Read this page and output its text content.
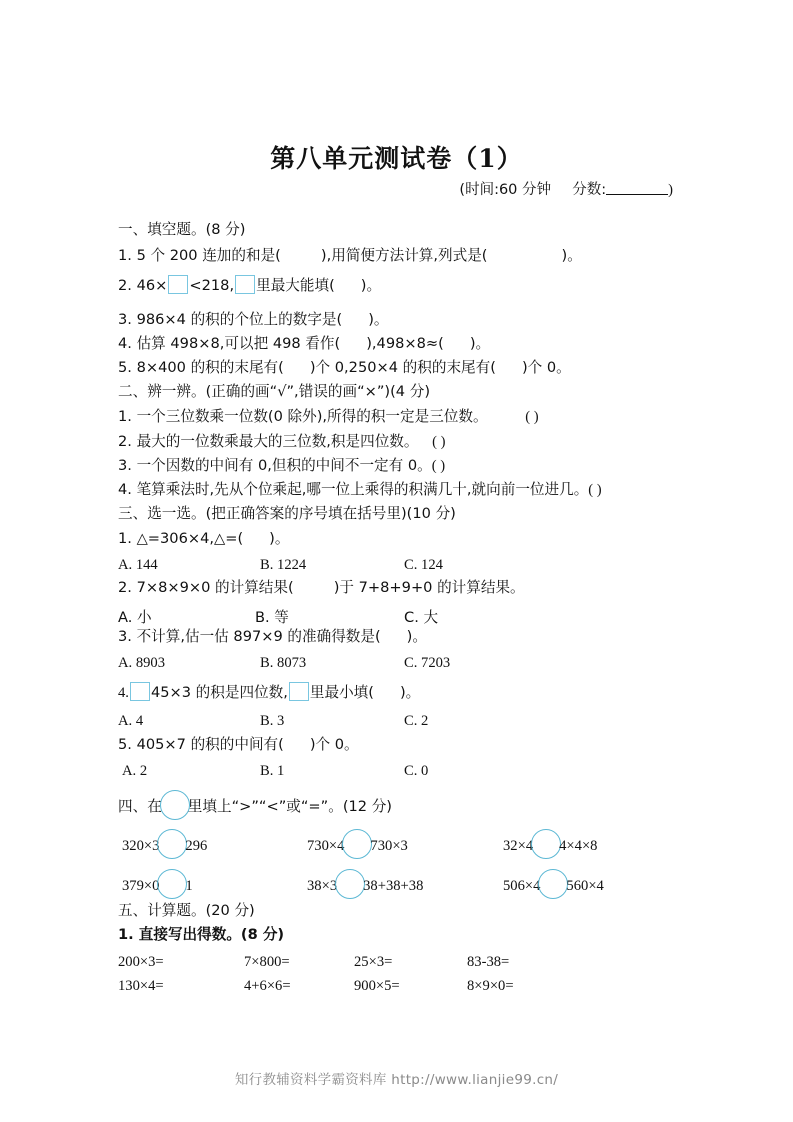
第八单元测试卷（1）
(时间:60 分钟 分数:	)
一、填空题。(8 分)
1. 5 个 200 连加的和是(	),用简便方法计算,列式是(	)。
2. 46× <218, 里最大能填( )。
3. 986×4 的积的个位上的数字是( )。
4. 估算 498×8,可以把 498 看作( ),498×8≈( )。
5. 8×400 的积的末尾有( )个 0,250×4 的积的末尾有( )个 0。
二、辨一辨。(正确的画“√”,错误的画“×”)(4 分)
1. 一个三位数乘一位数(0 除外),所得的积一定是三位数。	( )
2. 最大的一位数乘最大的三位数,积是四位数。 ( )
3. 一个因数的中间有 0,但积的中间不一定有 0。( )
4. 笔算乘法时,先从个位乘起,哪一位上乘得的积满几十,就向前一位进几。( )
三、选一选。(把正确答案的序号填在括号里)(10 分)
1. △=306×4,△=( )。
A. 144	B. 1224	C. 124
2. 7×8×9×0 的计算结果(	)于 7+8+9+0 的计算结果。
A. 小	B. 等	C. 大
3. 不计算,估一估 897×9 的准确得数是( )。
A. 8903	B. 8073	C. 7203
4. 45×3 的积是四位数, 里最小填( )。
A. 4	B. 3	C. 2
5. 405×7 的积的中间有( )个 0。
A. 2	B. 1	C. 0
四、在 里填上“>”“<”或“=”。(12 分)
320×3 296	730×4 730×3	32×4 4×4×8
379×0 1	38×3 38+38+38	506×4 560×4
五、计算题。(20 分)
1. 直接写出得数。(8 分)
200×3=	7×800=	25×3=	83-38=
130×4=	4+6×6=	900×5=	8×9×0=
知行教辅资料学霸资料库 http://www.lianjie99.cn/
